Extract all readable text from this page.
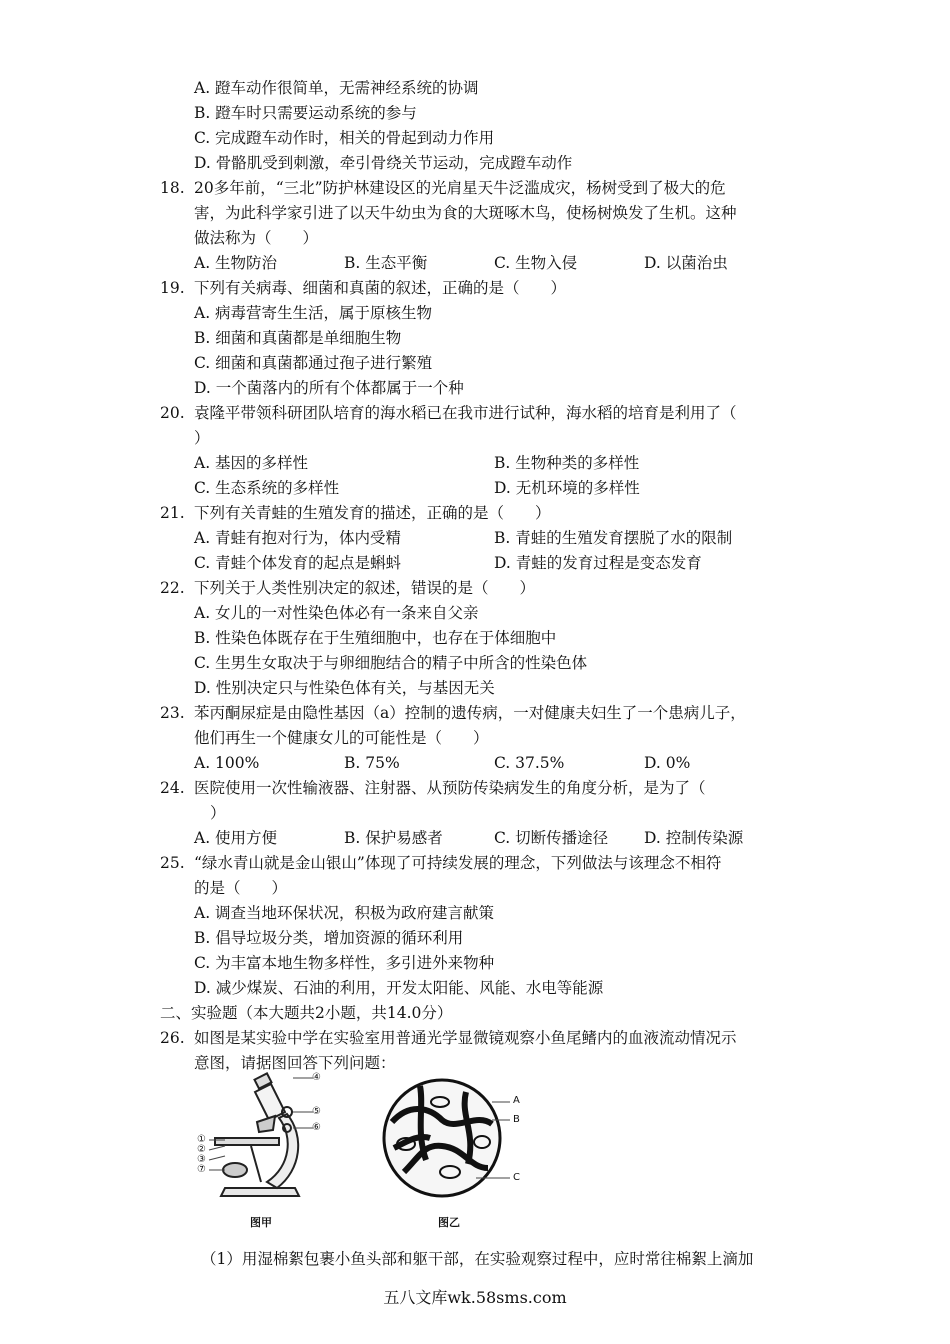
A. 蹬车动作很简单，无需神经系统的协调
B. 蹬车时只需要运动系统的参与
C. 完成蹬车动作时，相关的骨起到动力作用
D. 骨骼肌受到刺激，牵引骨绕关节运动，完成蹬车动作
18. 20多年前，“三北”防护林建设区的光肩星天牛泛滥成灾，杨树受到了极大的危
害，为此科学家引进了以天牛幼虫为食的大斑啄木鸟，使杨树焕发了生机。这种
做法称为（　　）
A. 生物防治	B. 生态平衡	C. 生物入侵	D. 以菌治虫
19. 下列有关病毒、细菌和真菌的叙述，正确的是（　　）
A. 病毒营寄生生活，属于原核生物
B. 细菌和真菌都是单细胞生物
C. 细菌和真菌都通过孢子进行繁殖
D. 一个菌落内的所有个体都属于一个种
20. 袁隆平带领科研团队培育的海水稻已在我市进行试种，海水稻的培育是利用了（
）
A. 基因的多样性	B. 生物种类的多样性
C. 生态系统的多样性	D. 无机环境的多样性
21. 下列有关青蛙的生殖发育的描述，正确的是（　　）
A. 青蛙有抱对行为，体内受精	B. 青蛙的生殖发育摆脱了水的限制
C. 青蛙个体发育的起点是蝌蚪	D. 青蛙的发育过程是变态发育
22. 下列关于人类性别决定的叙述，错误的是（　　）
A. 女儿的一对性染色体必有一条来自父亲
B. 性染色体既存在于生殖细胞中，也存在于体细胞中
C. 生男生女取决于与卵细胞结合的精子中所含的性染色体
D. 性别决定只与性染色体有关，与基因无关
23. 苯丙酮尿症是由隐性基因（a）控制的遗传病，一对健康夫妇生了一个患病儿子，
他们再生一个健康女儿的可能性是（　　）
A. 100%	B. 75%	C. 37.5%	D. 0%
24. 医院使用一次性输液器、注射器、从预防传染病发生的角度分析，是为了（
）
A. 使用方便	B. 保护易感者	C. 切断传播途径 D. 控制传染源
25. “绿水青山就是金山银山”体现了可持续发展的理念，下列做法与该理念不相符
的是（　　）
A. 调查当地环保状况，积极为政府建言献策
B. 倡导垃圾分类，增加资源的循环利用
C. 为丰富本地生物多样性，多引进外来物种
D. 减少煤炭、石油的利用，开发太阳能、风能、水电等能源
二、实验题（本大题共2小题，共14.0分）
26. 如图是某实验中学在实验室用普通光学显微镜观察小鱼尾鳍内的血液流动情况示
意图，请据图回答下列问题：
④
⑤
⑥
①
②
③
⑦
图甲
A
B
C
图乙
（1）用湿棉絮包裹小鱼头部和躯干部，在实验观察过程中，应时常往棉絮上滴加
五八文库wk.58sms.com
